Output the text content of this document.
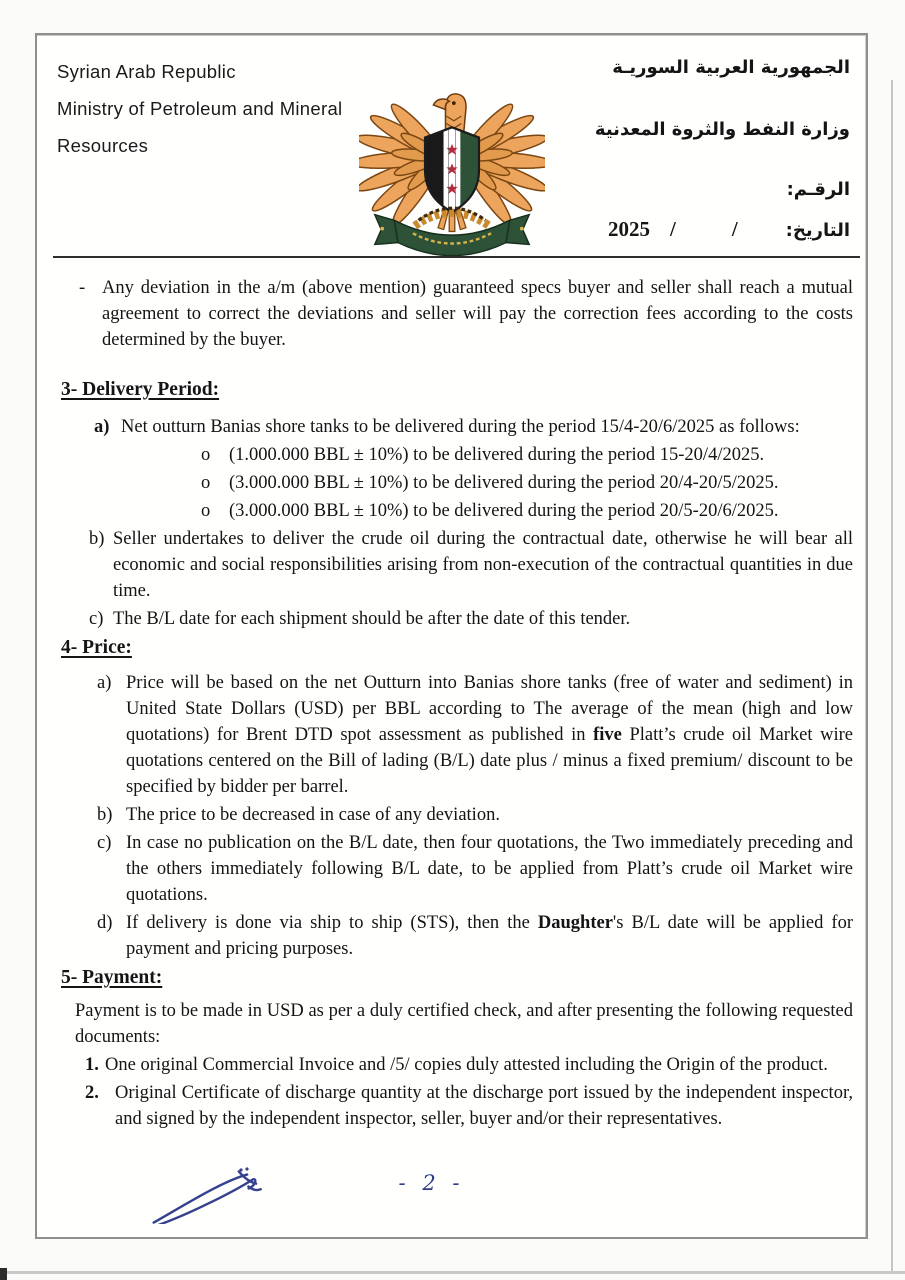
Syrian Arab Republic
Ministry of Petroleum and Mineral
Resources
الجمهورية العربية السوريـة
وزارة النفط والثروة المعدنية
الرقـم:
2025 /	/	التاريخ:
- Any deviation in the a/m (above mention) guaranteed specs buyer and seller shall reach a mutual agreement to correct the deviations and seller will pay the correction fees according to the costs determined by the buyer.
3- Delivery Period:
a) Net outturn Banias shore tanks to be delivered during the period 15/4-20/6/2025 as follows:
o	(1.000.000 BBL ± 10%) to be delivered during the period 15-20/4/2025.
o	(3.000.000 BBL ± 10%) to be delivered during the period 20/4-20/5/2025.
o	(3.000.000 BBL ± 10%) to be delivered during the period 20/5-20/6/2025.
b) Seller undertakes to deliver the crude oil during the contractual date, otherwise he will bear all economic and social responsibilities arising from non-execution of the contractual quantities in due time.
c) The B/L date for each shipment should be after the date of this tender.
4- Price:
a) Price will be based on the net Outturn into Banias shore tanks (free of water and sediment) in United State Dollars (USD) per BBL according to The average of the mean (high and low quotations) for Brent DTD spot assessment as published in five Platt’s crude oil Market wire quotations centered on the Bill of lading (B/L) date plus / minus a fixed premium/ discount to be specified by bidder per barrel.
b) The price to be decreased in case of any deviation.
c) In case no publication on the B/L date, then four quotations, the Two immediately preceding and the others immediately following B/L date, to be applied from Platt’s crude oil Market wire quotations.
d) If delivery is done via ship to ship (STS), then the Daughter's B/L date will be applied for payment and pricing purposes.
5- Payment:
Payment is to be made in USD as per a duly certified check, and after presenting the following requested documents:
1. One original Commercial Invoice and /5/ copies duly attested including the Origin of the product.
2. Original Certificate of discharge quantity at the discharge port issued by the independent inspector, and signed by the independent inspector, seller, buyer and/or their representatives.
- 2 -
